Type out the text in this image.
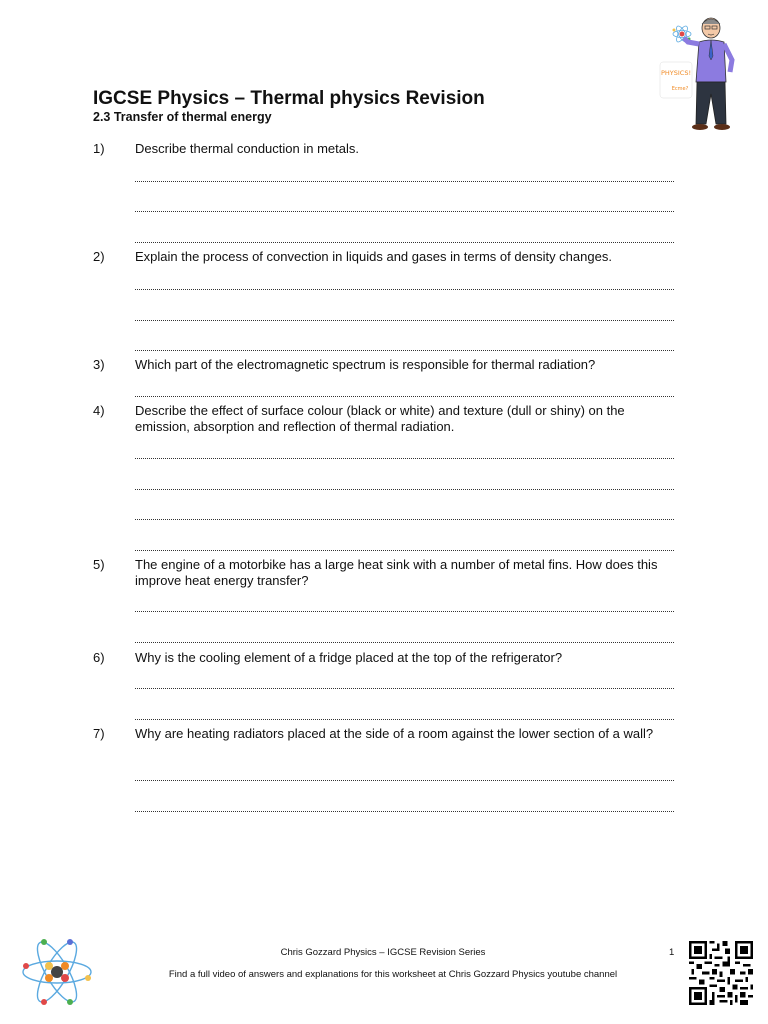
IGCSE Physics – Thermal physics Revision
2.3 Transfer of thermal energy
PHYSICS!
Ecme?
1) Describe thermal conduction in metals.
2) Explain the process of convection in liquids and gases in terms of density changes.
3) Which part of the electromagnetic spectrum is responsible for thermal radiation?
4) Describe the effect of surface colour (black or white) and texture (dull or shiny) on the emission, absorption and reflection of thermal radiation.
5) The engine of a motorbike has a large heat sink with a number of metal fins. How does this improve heat energy transfer?
6) Why is the cooling element of a fridge placed at the top of the refrigerator?
7) Why are heating radiators placed at the side of a room against the lower section of a wall?
Chris Gozzard Physics – IGCSE Revision Series	1
Find a full video of answers and explanations for this worksheet at Chris Gozzard Physics youtube channel
